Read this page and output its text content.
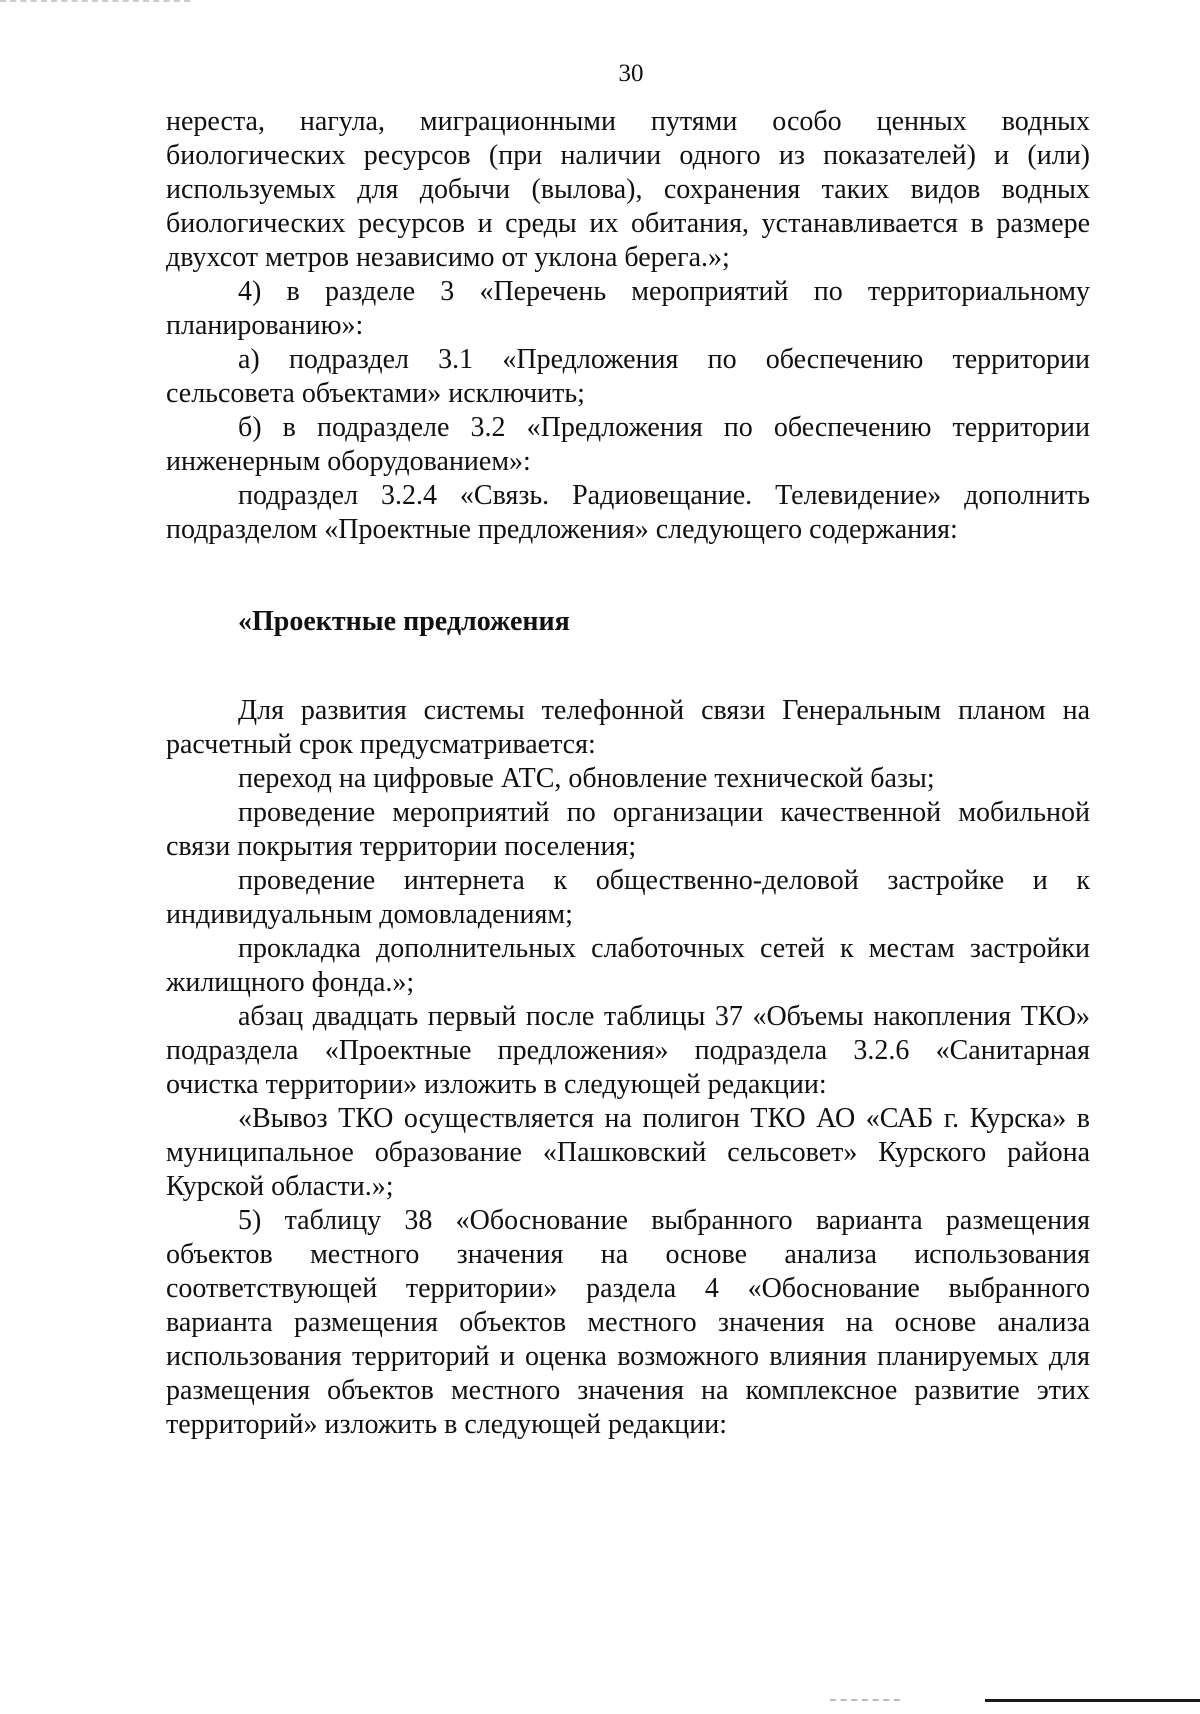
30

нереста, нагула, миграционными путями особо ценных водных биологических ресурсов (при наличии одного из показателей) и (или) используемых для добычи (вылова), сохранения таких видов водных биологических ресурсов и среды их обитания, устанавливается в размере двухсот метров независимо от уклона берега.»;

4) в разделе 3 «Перечень мероприятий по территориальному планированию»:

а) подраздел 3.1 «Предложения по обеспечению территории сельсовета объектами» исключить;

б) в подразделе 3.2 «Предложения по обеспечению территории инженерным оборудованием»:

подраздел 3.2.4 «Связь. Радиовещание. Телевидение» дополнить подразделом «Проектные предложения» следующего содержания:

«Проектные предложения

Для развития системы телефонной связи Генеральным планом на расчетный срок предусматривается:

переход на цифровые АТС, обновление технической базы;

проведение мероприятий по организации качественной мобильной связи покрытия территории поселения;

проведение интернета к общественно-деловой застройке и к индивидуальным домовладениям;

прокладка дополнительных слаботочных сетей к местам застройки жилищного фонда.»;

абзац двадцать первый после таблицы 37 «Объемы накопления ТКО» подраздела «Проектные предложения» подраздела 3.2.6 «Санитарная очистка территории» изложить в следующей редакции:

«Вывоз ТКО осуществляется на полигон ТКО АО «САБ г. Курска» в муниципальное образование «Пашковский сельсовет» Курского района Курской области.»;

5) таблицу 38 «Обоснование выбранного варианта размещения объектов местного значения на основе анализа использования соответствующей территории» раздела 4 «Обоснование выбранного варианта размещения объектов местного значения на основе анализа использования территорий и оценка возможного влияния планируемых для размещения объектов местного значения на комплексное развитие этих территорий» изложить в следующей редакции:
